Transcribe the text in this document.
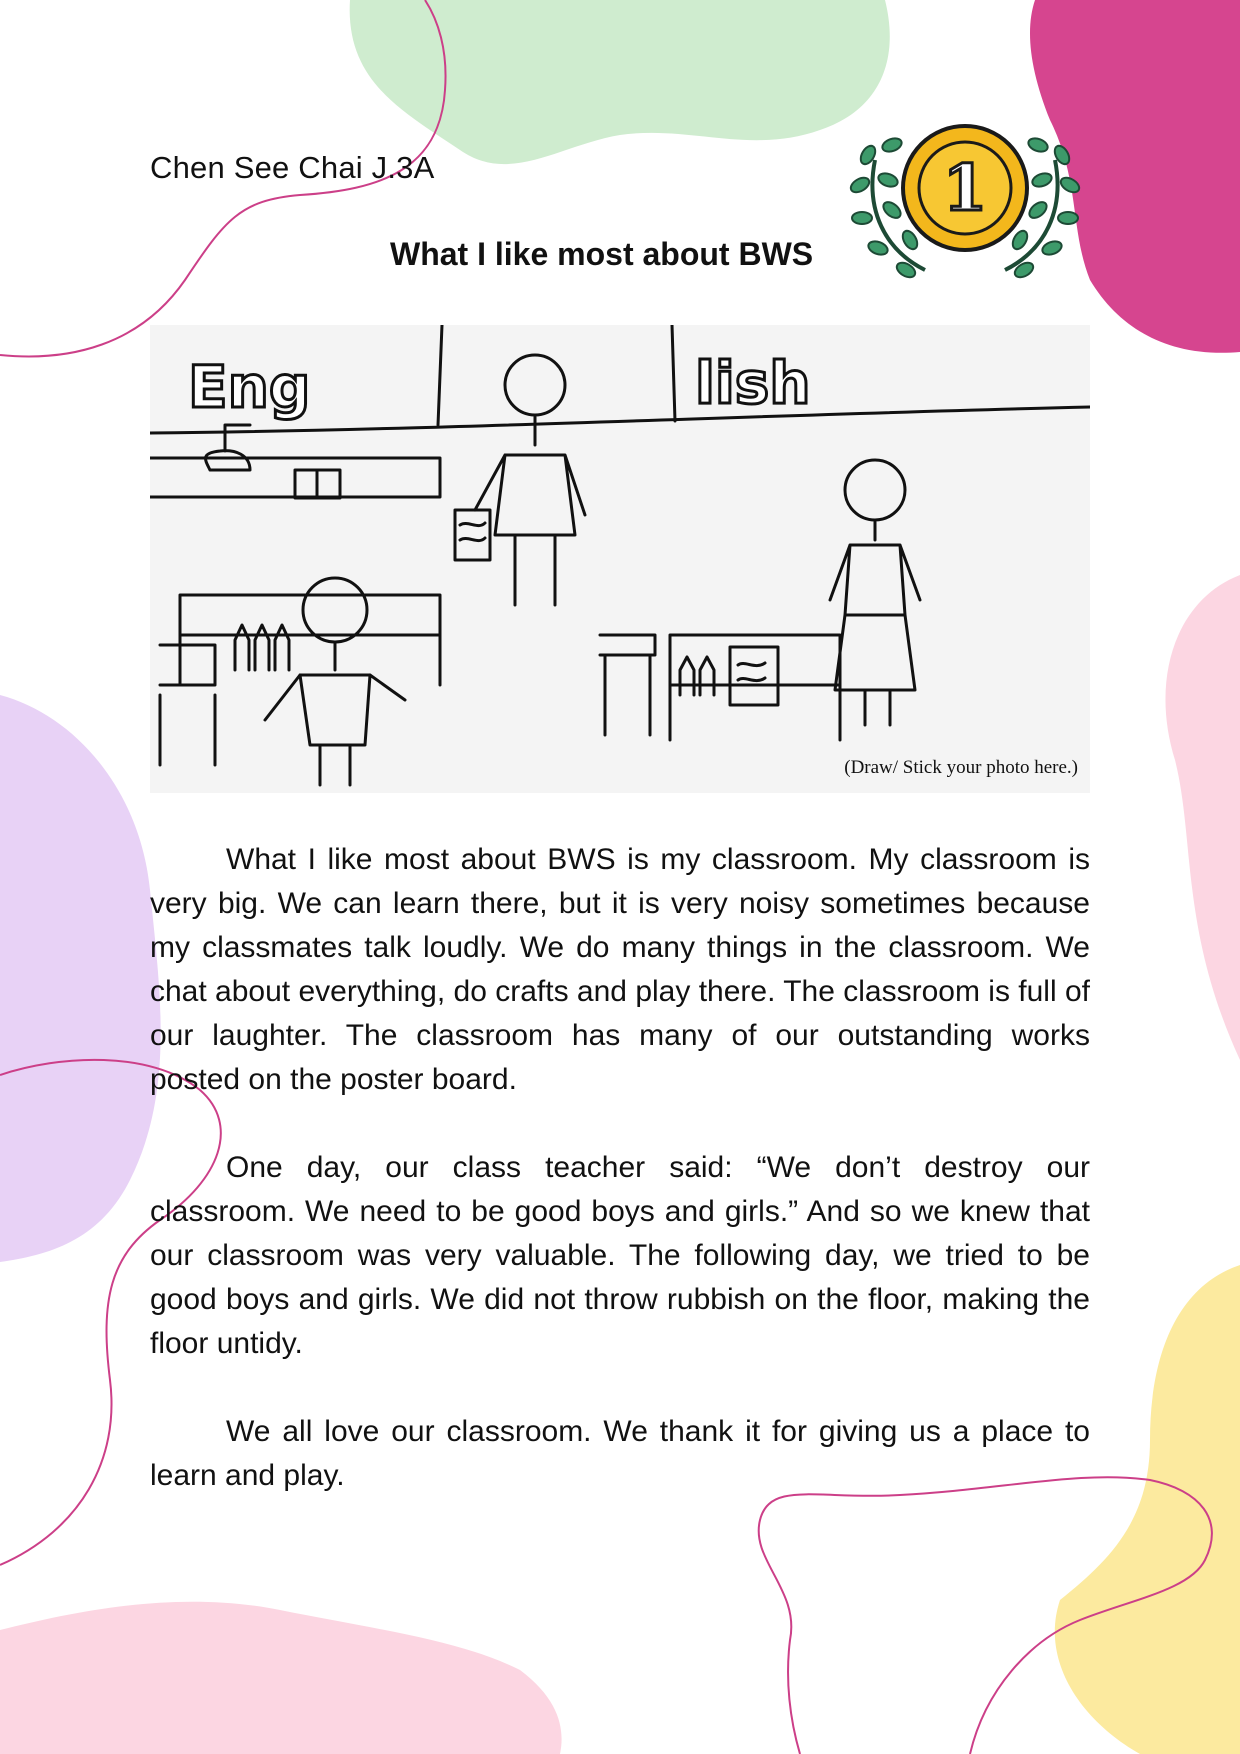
Chen See Chai J.3A	1
What I like most about BWS
Eng	lish

(Draw/ Stick your photo here.)

What I like most about BWS is my classroom. My classroom is very big. We can learn there, but it is very noisy sometimes because my classmates talk loudly. We do many things in the classroom. We chat about everything, do crafts and play there. The classroom is full of our laughter. The classroom has many of our outstanding works posted on the poster board.

One day, our class teacher said: “We don’t destroy our classroom. We need to be good boys and girls.” And so we knew that our classroom was very valuable. The following day, we tried to be good boys and girls. We did not throw rubbish on the floor, making the floor untidy.

We all love our classroom. We thank it for giving us a place to learn and play.
